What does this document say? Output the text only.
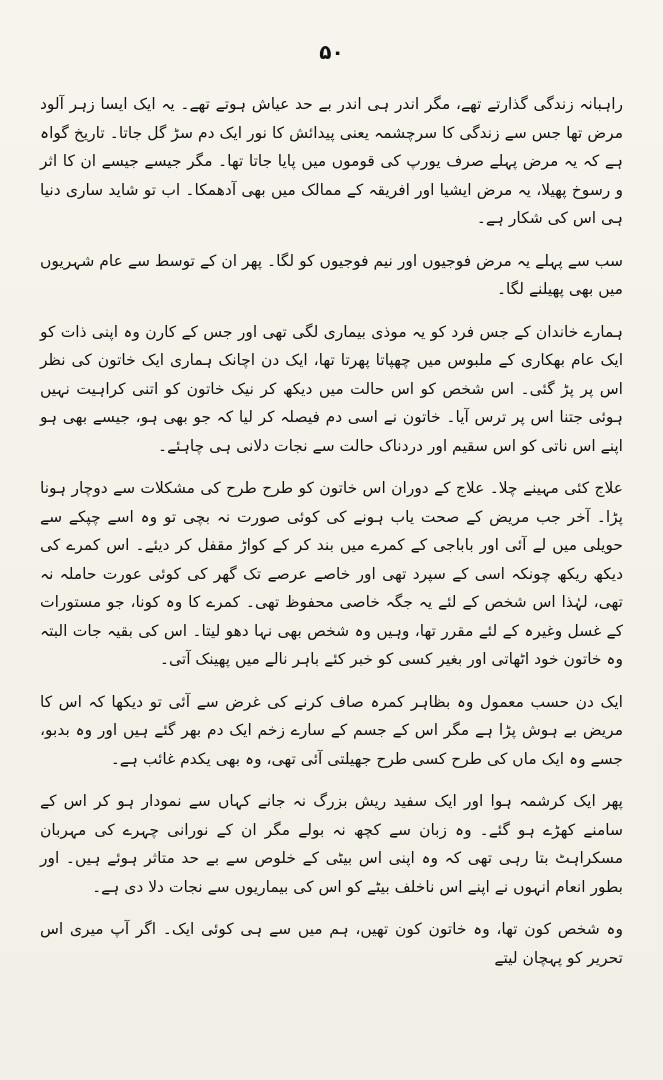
۵۰

راہبانہ زندگی گذارتے تھے، مگر اندر ہی اندر بے حد عیاش ہوتے تھے۔ یہ ایک ایسا زہر آلود مرض تھا جس سے زندگی کا سرچشمہ یعنی پیدائش کا نور ایک دم سڑ گل جاتا۔ تاریخ گواہ ہے کہ یہ مرض پہلے صرف یورپ کی قوموں میں پایا جاتا تھا۔ مگر جیسے جیسے ان کا اثر و رسوخ پھیلا، یہ مرض ایشیا اور افریقہ کے ممالک میں بھی آدھمکا۔ اب تو شاید ساری دنیا ہی اس کی شکار ہے۔

سب سے پہلے یہ مرض فوجیوں اور نیم فوجیوں کو لگا۔ پھر ان کے توسط سے عام شہریوں میں بھی پھیلنے لگا۔

ہمارے خاندان کے جس فرد کو یہ موذی بیماری لگی تھی اور جس کے کارن وہ اپنی ذات کو ایک عام بھکاری کے ملبوس میں چھپاتا پھرتا تھا، ایک دن اچانک ہماری ایک خاتون کی نظر اس پر پڑ گئی۔ اس شخص کو اس حالت میں دیکھ کر نیک خاتون کو اتنی کراہیت نہیں ہوئی جتنا اس پر ترس آیا۔ خاتون نے اسی دم فیصلہ کر لیا کہ جو بھی ہو، جیسے بھی ہو اپنے اس ناتی کو اس سقیم اور دردناک حالت سے نجات دلانی ہی چاہئے۔

علاج کئی مہینے چلا۔ علاج کے دوران اس خاتون کو طرح طرح کی مشکلات سے دوچار ہونا پڑا۔ آخر جب مریض کے صحت یاب ہونے کی کوئی صورت نہ بچی تو وہ اسے چپکے سے حویلی میں لے آئی اور باباجی کے کمرے میں بند کر کے کواڑ مقفل کر دیئے۔ اس کمرے کی دیکھ ریکھ چونکہ اسی کے سپرد تھی اور خاصے عرصے تک گھر کی کوئی عورت حاملہ نہ تھی، لہٰذا اس شخص کے لئے یہ جگہ خاصی محفوظ تھی۔ کمرے کا وہ کونا، جو مستورات کے غسل وغیرہ کے لئے مقرر تھا، وہیں وہ شخص بھی نہا دھو لیتا۔ اس کی بقیہ جات البتہ وہ خاتون خود اٹھاتی اور بغیر کسی کو خبر کئے باہر نالے میں پھینک آتی۔

ایک دن حسب معمول وہ بظاہر کمرہ صاف کرنے کی غرض سے آئی تو دیکھا کہ اس کا مریض بے ہوش پڑا ہے مگر اس کے جسم کے سارے زخم ایک دم بھر گئے ہیں اور وہ بدبو، جسے وہ ایک ماں کی طرح کسی طرح جھیلتی آئی تھی، وہ بھی یکدم غائب ہے۔

پھر ایک کرشمہ ہوا اور ایک سفید ریش بزرگ نہ جانے کہاں سے نمودار ہو کر اس کے سامنے کھڑے ہو گئے۔ وہ زبان سے کچھ نہ بولے مگر ان کے نورانی چہرے کی مہربان مسکراہٹ بتا رہی تھی کہ وہ اپنی اس بیٹی کے خلوص سے بے حد متاثر ہوئے ہیں۔ اور بطور انعام انہوں نے اپنے اس ناخلف بیٹے کو اس کی بیماریوں سے نجات دلا دی ہے۔

وہ شخص کون تھا، وہ خاتون کون تھیں، ہم میں سے ہی کوئی ایک۔ اگر آپ میری اس تحریر کو پہچان لیتے
